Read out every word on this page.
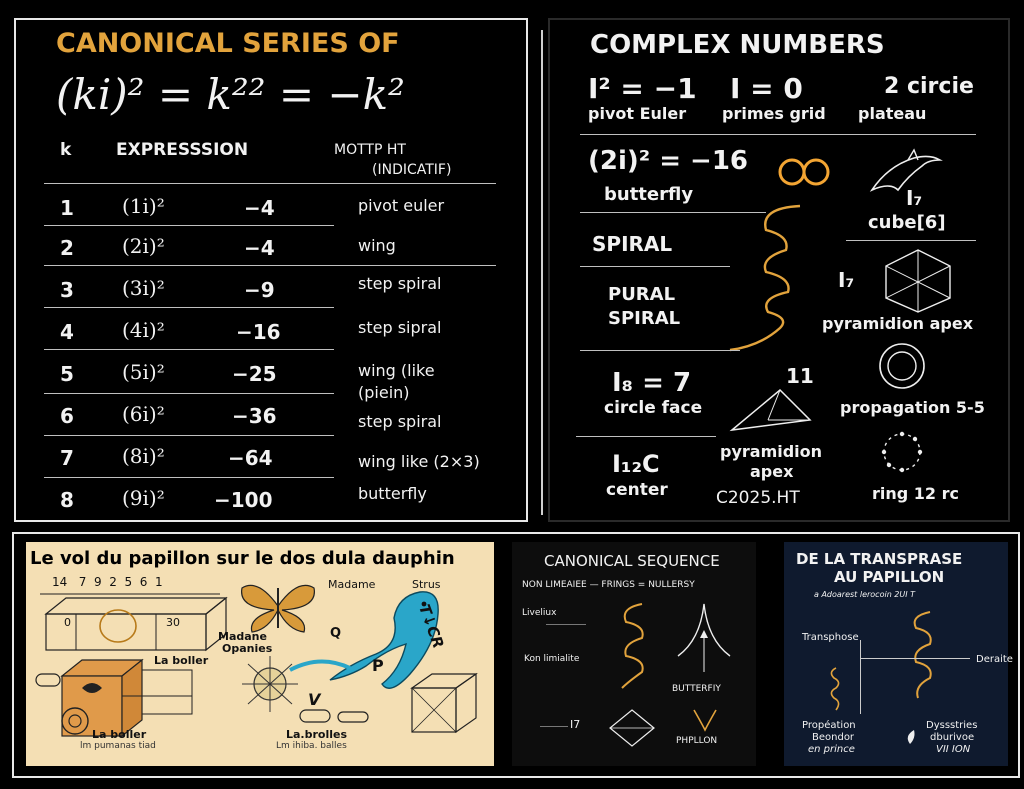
CANONICAL SERIES OF
(ki)² = k²² = −k²
k	EXPRESSSION	MOTTP HT
(INDICATIF)
1 (1i)²	−4	pivot euler
2 (2i)²	−4	wing
3 (3i)²	−9	step spiral
4 (4i)²	−16	step sipral
5 (5i)²	−25	wing (like
(piein)
6 (6i)²	−36	step spiral
7 (8i)²	−64	wing like (2×3)
8 (9i)² −100	butterfly
COMPLEX NUMBERS
I² = −1
pivot Euler
I = 0
primes grid
2 circie
plateau
(2i)² = −16
butterfly	I₇
cube[6]
SPIRAL
PURAL
SPIRAL
I₇
pyramidion apex
I₈ = 7
circle face
11
propagation 5-5
I₁₂C
center
pyramidion
apex
C2025.HT	ring 12 rc
Le vol du papillon sur le dos dula dauphin
14   7  9  2  5  6  1
0	30
Madame	Strus
Madane
Opanies
P
V
Q	T↓CR
La boller
La boller
lm pumanas tiad
La.brolles
Lm ihiba. balles
CANONICAL SEQUENCE
NON LIMEAIEE — FRINGS = NULLERSY
Liveliux
Kon limialite
BUTTERFIY
I7
PHPLLON
DE LA TRANSPRASE
AU PAPILLON
a Adoarest lerocoin 2UI T
Transphose
Deraite
Propéation
Beondor
en prince
Dyssstries
dburivoe
VII ION
